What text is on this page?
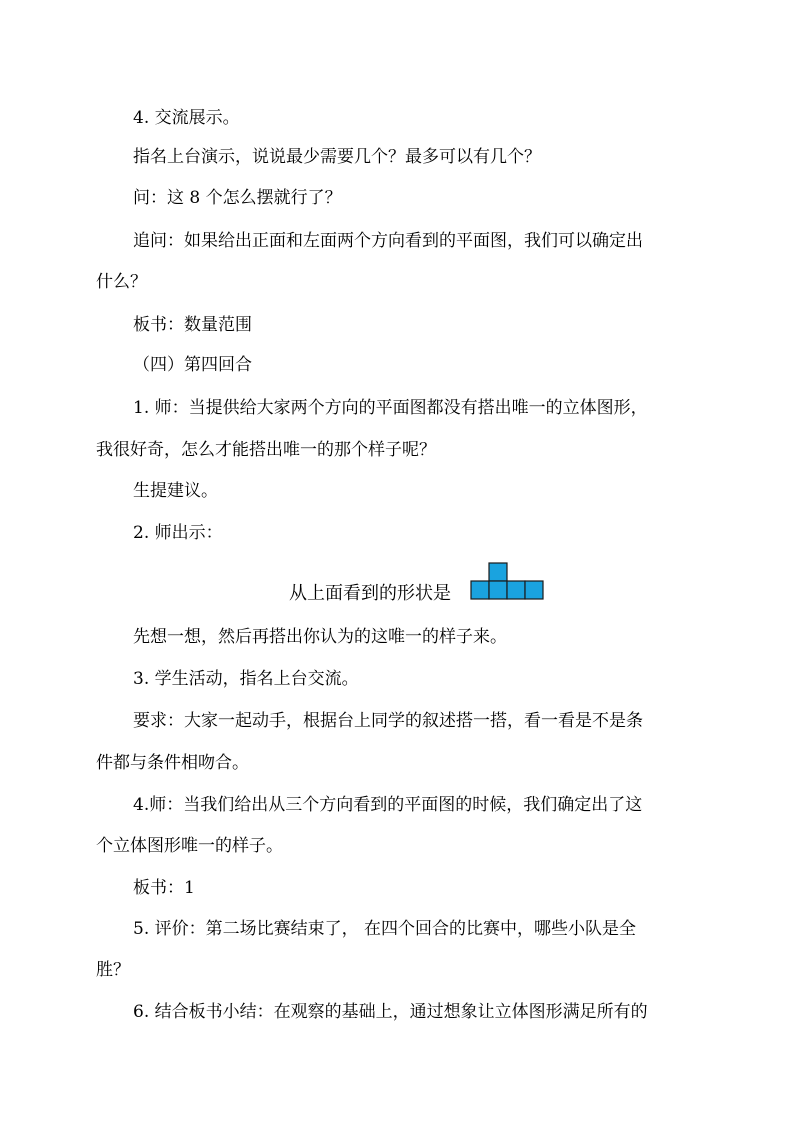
4. 交流展示。
指名上台演示，说说最少需要几个？最多可以有几个？
问：这 8 个怎么摆就行了？
追问：如果给出正面和左面两个方向看到的平面图，我们可以确定出
什么？
板书：数量范围
（四）第四回合
1. 师：当提供给大家两个方向的平面图都没有搭出唯一的立体图形，
我很好奇，怎么才能搭出唯一的那个样子呢？
生提建议。
2. 师出示：
从上面看到的形状是
先想一想，然后再搭出你认为的这唯一的样子来。
3. 学生活动，指名上台交流。
要求：大家一起动手，根据台上同学的叙述搭一搭，看一看是不是条
件都与条件相吻合。
4.师：当我们给出从三个方向看到的平面图的时候，我们确定出了这
个立体图形唯一的样子。
板书：1
5. 评价：第二场比赛结束了， 在四个回合的比赛中，哪些小队是全
胜？
6. 结合板书小结：在观察的基础上，通过想象让立体图形满足所有的
